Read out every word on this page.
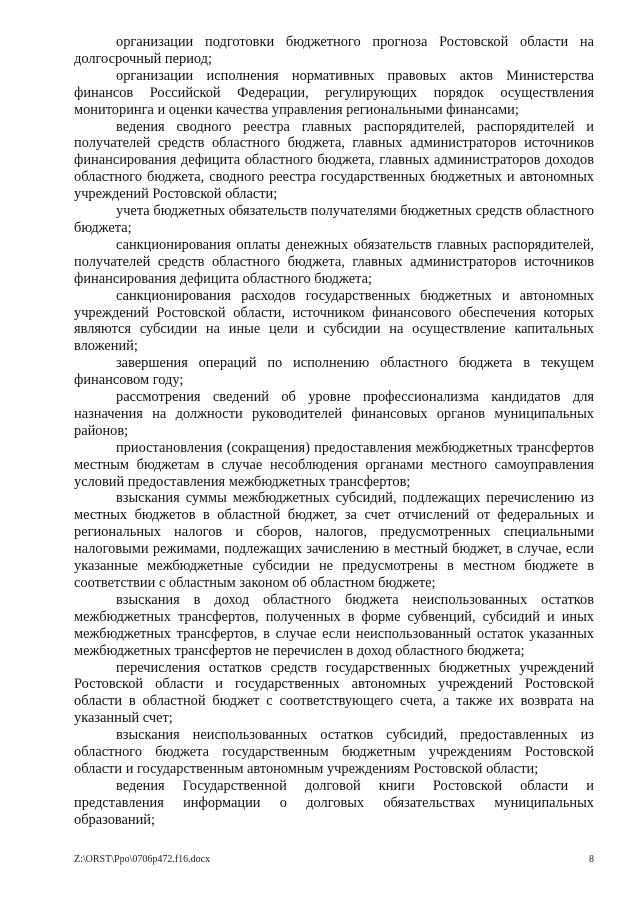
организации подготовки бюджетного прогноза Ростовской области на долгосрочный период;

организации исполнения нормативных правовых актов Министерства финансов Российской Федерации, регулирующих порядок осуществления мониторинга и оценки качества управления региональными финансами;

ведения сводного реестра главных распорядителей, распорядителей и получателей средств областного бюджета, главных администраторов источников финансирования дефицита областного бюджета, главных администраторов доходов областного бюджета, сводного реестра государственных бюджетных и автономных учреждений Ростовской области;

учета бюджетных обязательств получателями бюджетных средств областного бюджета;

санкционирования оплаты денежных обязательств главных распорядителей, получателей средств областного бюджета, главных администраторов источников финансирования дефицита областного бюджета;

санкционирования расходов государственных бюджетных и автономных учреждений Ростовской области, источником финансового обеспечения которых являются субсидии на иные цели и субсидии на осуществление капитальных вложений;

завершения операций по исполнению областного бюджета в текущем финансовом году;

рассмотрения сведений об уровне профессионализма кандидатов для назначения на должности руководителей финансовых органов муниципальных районов;

приостановления (сокращения) предоставления межбюджетных трансфертов местным бюджетам в случае несоблюдения органами местного самоуправления условий предоставления межбюджетных трансфертов;

взыскания суммы межбюджетных субсидий, подлежащих перечислению из местных бюджетов в областной бюджет, за счет отчислений от федеральных и региональных налогов и сборов, налогов, предусмотренных специальными налоговыми режимами, подлежащих зачислению в местный бюджет, в случае, если указанные межбюджетные субсидии не предусмотрены в местном бюджете в соответствии с областным законом об областном бюджете;

взыскания в доход областного бюджета неиспользованных остатков межбюджетных трансфертов, полученных в форме субвенций, субсидий и иных межбюджетных трансфертов, в случае если неиспользованный остаток указанных межбюджетных трансфертов не перечислен в доход областного бюджета;

перечисления остатков средств государственных бюджетных учреждений Ростовской области и государственных автономных учреждений Ростовской области в областной бюджет с соответствующего счета, а также их возврата на указанный счет;

взыскания неиспользованных остатков субсидий, предоставленных из областного бюджета государственным бюджетным учреждениям Ростовской области и государственным автономным учреждениям Ростовской области;

ведения Государственной долговой книги Ростовской области и представления информации о долговых обязательствах муниципальных образований;

Z:\ORST\Ppo\0706p472.f16.docx	8
